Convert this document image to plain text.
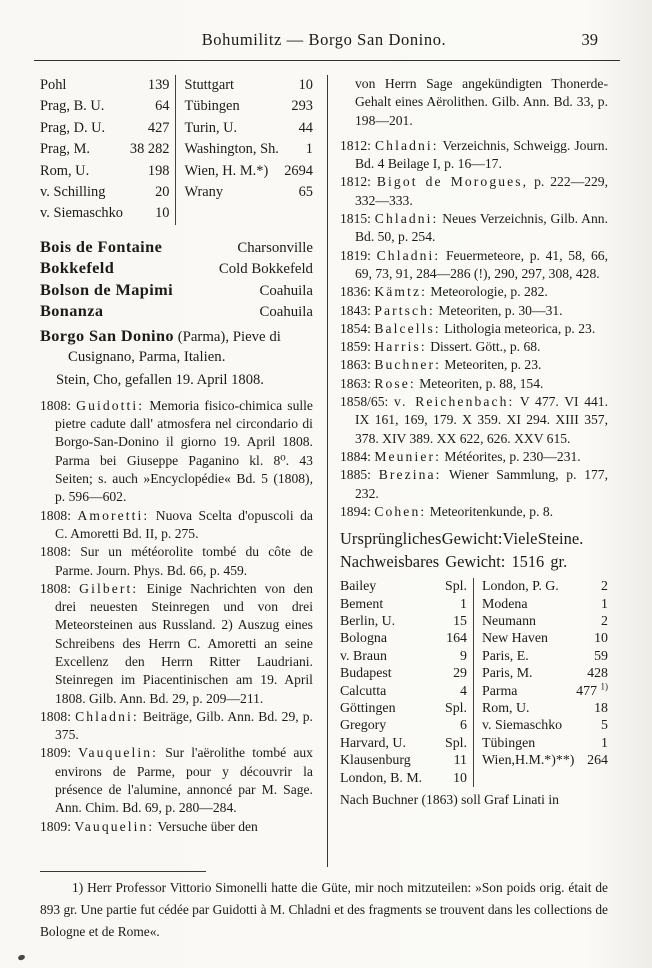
Bohumilitz — Borgo San Donino.	39
Pohl	139 Stuttgart	10
Prag, B. U.	64 Tübingen	293
Prag, D. U.	427 Turin, U.	44
Prag, M.	38 282 Washington, Sh.	1
Rom, U.	198 Wien, H. M.*)	2694
v. Schilling	20 Wrany	65
v. Siemaschko	10
Bois de Fontaine	Charsonville
Bokkefeld	Cold Bokkefeld
Bolson de Mapimi	Coahuila
Bonanza	Coahuila

Borgo San Donino (Parma), Pieve di Cusignano, Parma, Italien.

Stein, Cho, gefallen 19. April 1808.

1808: Guidotti: Memoria fisico-chimica sulle pietre cadute dall' atmosfera nel circondario di Borgo-San-Donino il giorno 19. April 1808. Parma bei Giuseppe Paganino kl. 8⁰. 43 Seiten; s. auch »Encyclopédie« Bd. 5 (1808), p. 596—602.

1808: Amoretti: Nuova Scelta d'opuscoli da C. Amoretti Bd. II, p. 275.

1808: Sur un météorolite tombé du côte de Parme. Journ. Phys. Bd. 66, p. 459.

1808: Gilbert: Einige Nachrichten von den drei neuesten Steinregen und von drei Meteorsteinen aus Russland. 2) Auszug eines Schreibens des Herrn C. Amoretti an seine Excellenz den Herrn Ritter Laudriani. Steinregen im Piacentinischen am 19. April 1808. Gilb. Ann. Bd. 29, p. 209—211.

1808: Chladni: Beiträge, Gilb. Ann. Bd. 29, p. 375.

1809: Vauquelin: Sur l'aërolithe tombé aux environs de Parme, pour y découvrir la présence de l'alumine, annoncé par M. Sage. Ann. Chim. Bd. 69, p. 280—284.

1809: Vauquelin: Versuche über den

von Herrn Sage angekündigten Thonerde-Gehalt eines Aërolithen. Gilb. Ann. Bd. 33, p. 198—201.

1812: Chladni: Verzeichnis, Schweigg. Journ. Bd. 4 Beilage I, p. 16—17.

1812: Bigot de Morogues, p. 222—229, 332—333.

1815: Chladni: Neues Verzeichnis, Gilb. Ann. Bd. 50, p. 254.

1819: Chladni: Feuermeteore, p. 41, 58, 66, 69, 73, 91, 284—286 (!), 290, 297, 308, 428.

1836: Kämtz: Meteorologie, p. 282.

1843: Partsch: Meteoriten, p. 30—31.

1854: Balcells: Lithologia meteorica, p. 23.

1859: Harris: Dissert. Gött., p. 68.

1863: Buchner: Meteoriten, p. 23.

1863: Rose: Meteoriten, p. 88, 154.

1858/65: v. Reichenbach: V 477. VI 441. IX 161, 169, 179. X 359. XI 294. XIII 357, 378. XIV 389. XX 622, 626. XXV 615.

1884: Meunier: Météorites, p. 230—231.

1885: Brezina: Wiener Sammlung, p. 177, 232.

1894: Cohen: Meteoritenkunde, p. 8.

Ursprüngliches Gewicht: Viele Steine.

Nachweisbares Gewicht: 1516 gr.

Bailey	Spl. London, P. G.	2
Bement	1 Modena	1
Berlin, U.	15 Neumann	2
Bologna	164 New Haven	10
v. Braun	9 Paris, E.	59
Budapest	29 Paris, M.	428
Calcutta	4 Parma	477 $^{1)}$
Göttingen	Spl. Rom, U.	18
Gregory	6 v. Siemaschko	5
Harvard, U.	Spl. Tübingen	1
Klausenburg	11 Wien,H.M.*)**) 264
London, B. M.	10

Nach Buchner (1863) soll Graf Linati in

1) Herr Professor Vittorio Simonelli hatte die Güte, mir noch mitzuteilen: »Son poids orig. était de 893 gr. Une partie fut cédée par Guidotti à M. Chladni et des fragments se trouvent dans les collections de Bologne et de Rome«.
